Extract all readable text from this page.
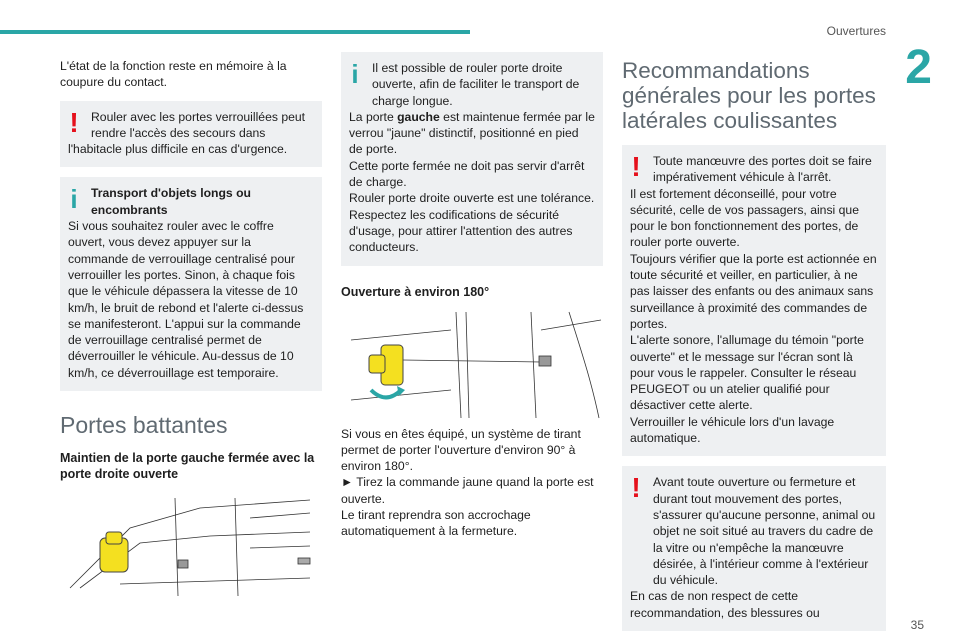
Ouvertures
2

L'état de la fonction reste en mémoire à la coupure du contact.

!	Rouler avec les portes verrouillées peut rendre l'accès des secours dans

l'habitacle plus difficile en cas d'urgence.

i	Transport d'objets longs ou encombrants

Si vous souhaitez rouler avec le coffre ouvert, vous devez appuyer sur la commande de verrouillage centralisé pour verrouiller les portes. Sinon, à chaque fois que le véhicule dépassera la vitesse de 10 km/h, le bruit de rebond et l'alerte ci-dessus se manifesteront. L'appui sur la commande de verrouillage centralisé permet de déverrouiller le véhicule. Au-dessus de 10 km/h, ce déverrouillage est temporaire.

Portes battantes

Maintien de la porte gauche fermée avec la porte droite ouverte

i	Il est possible de rouler porte droite ouverte, afin de faciliter le transport de charge longue.

La porte gauche est maintenue fermée par le verrou "jaune" distinctif, positionné en pied de porte.

Cette porte fermée ne doit pas servir d'arrêt de charge.

Rouler porte droite ouverte est une tolérance. Respectez les codifications de sécurité d'usage, pour attirer l'attention des autres conducteurs.

Ouverture à environ 180°

Si vous en êtes équipé, un système de tirant permet de porter l'ouverture d'environ 90° à environ 180°.

► Tirez la commande jaune quand la porte est ouverte.

Le tirant reprendra son accrochage automatiquement à la fermeture.

Recommandations générales pour les portes latérales coulissantes

!	Toute manœuvre des portes doit se faire impérativement véhicule à l'arrêt.

Il est fortement déconseillé, pour votre sécurité, celle de vos passagers, ainsi que pour le bon fonctionnement des portes, de rouler porte ouverte.

Toujours vérifier que la porte est actionnée en toute sécurité et veiller, en particulier, à ne pas laisser des enfants ou des animaux sans surveillance à proximité des commandes de portes.

L'alerte sonore, l'allumage du témoin "porte ouverte" et le message sur l'écran sont là pour vous le rappeler. Consulter le réseau PEUGEOT ou un atelier qualifié pour désactiver cette alerte.

Verrouiller le véhicule lors d'un lavage automatique.

!	Avant toute ouverture ou fermeture et durant tout mouvement des portes, s'assurer qu'aucune personne, animal ou objet ne soit situé au travers du cadre de la vitre ou n'empêche la manœuvre désirée, à l'intérieur comme à l'extérieur du véhicule.

En cas de non respect de cette recommandation, des blessures ou

35
